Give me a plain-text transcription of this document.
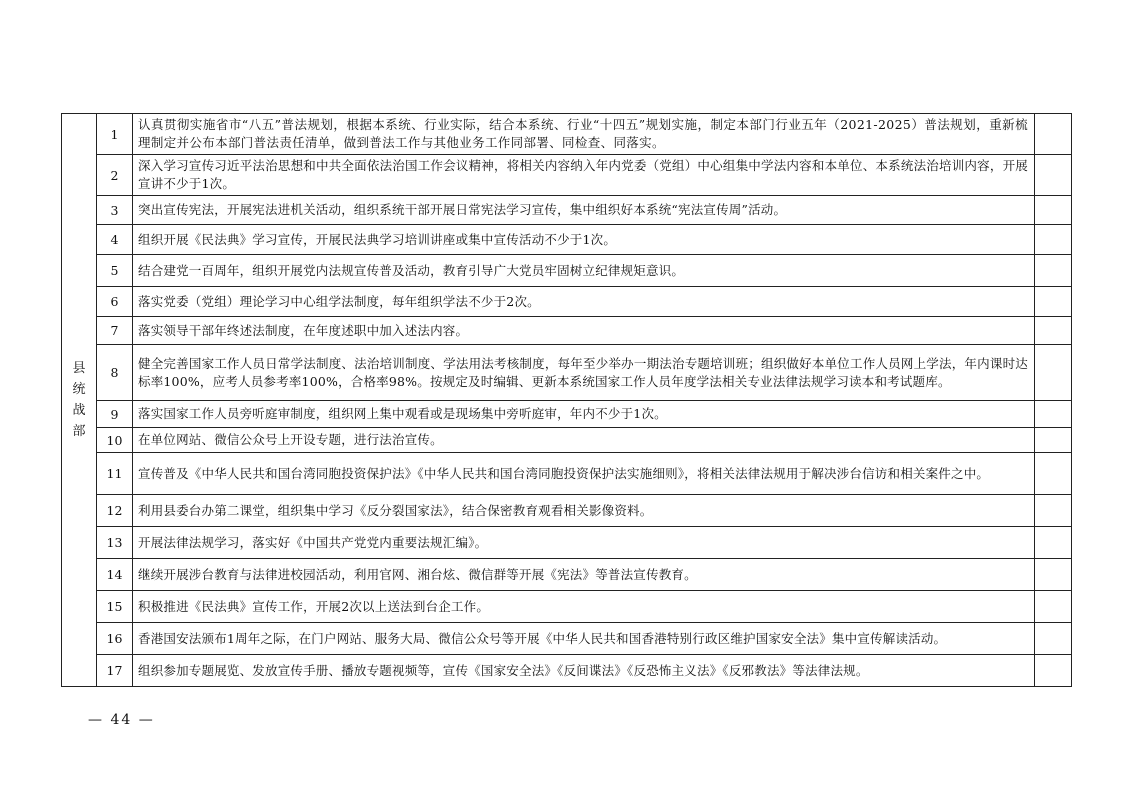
县统战部	1	认真贯彻实施省市“八五”普法规划，根据本系统、行业实际，结合本系统、行业“十四五”规划实施，制定本部门行业五年（2021-2025）普法规划，重新梳理制定并公布本部门普法责任清单，做到普法工作与其他业务工作同部署、同检查、同落实。	
	2	深入学习宣传习近平法治思想和中共全面依法治国工作会议精神，将相关内容纳入年内党委（党组）中心组集中学法内容和本单位、本系统法治培训内容，开展宣讲不少于1次。	
	3	突出宣传宪法，开展宪法进机关活动，组织系统干部开展日常宪法学习宣传，集中组织好本系统“宪法宣传周”活动。	
	4	组织开展《民法典》学习宣传，开展民法典学习培训讲座或集中宣传活动不少于1次。	
	5	结合建党一百周年，组织开展党内法规宣传普及活动，教育引导广大党员牢固树立纪律规矩意识。	
	6	落实党委（党组）理论学习中心组学法制度，每年组织学法不少于2次。	
	7	落实领导干部年终述法制度，在年度述职中加入述法内容。	
	8	健全完善国家工作人员日常学法制度、法治培训制度、学法用法考核制度，每年至少举办一期法治专题培训班；组织做好本单位工作人员网上学法，年内课时达标率100%，应考人员参考率100%，合格率98%。按规定及时编辑、更新本系统国家工作人员年度学法相关专业法律法规学习读本和考试题库。	
	9	落实国家工作人员旁听庭审制度，组织网上集中观看或是现场集中旁听庭审，年内不少于1次。	
	10	在单位网站、微信公众号上开设专题，进行法治宣传。	
	11	宣传普及《中华人民共和国台湾同胞投资保护法》《中华人民共和国台湾同胞投资保护法实施细则》，将相关法律法规用于解决涉台信访和相关案件之中。	
	12	利用县委台办第二课堂，组织集中学习《反分裂国家法》，结合保密教育观看相关影像资料。	
	13	开展法律法规学习，落实好《中国共产党党内重要法规汇编》。	
	14	继续开展涉台教育与法律进校园活动，利用官网、湘台炫、微信群等开展《宪法》等普法宣传教育。	
	15	积极推进《民法典》宣传工作，开展2次以上送法到台企工作。	
	16	香港国安法颁布1周年之际，在门户网站、服务大局、微信公众号等开展《中华人民共和国香港特别行政区维护国家安全法》集中宣传解读活动。	
	17	组织参加专题展览、发放宣传手册、播放专题视频等，宣传《国家安全法》《反间谍法》《反恐怖主义法》《反邪教法》等法律法规。	
— 44 —
